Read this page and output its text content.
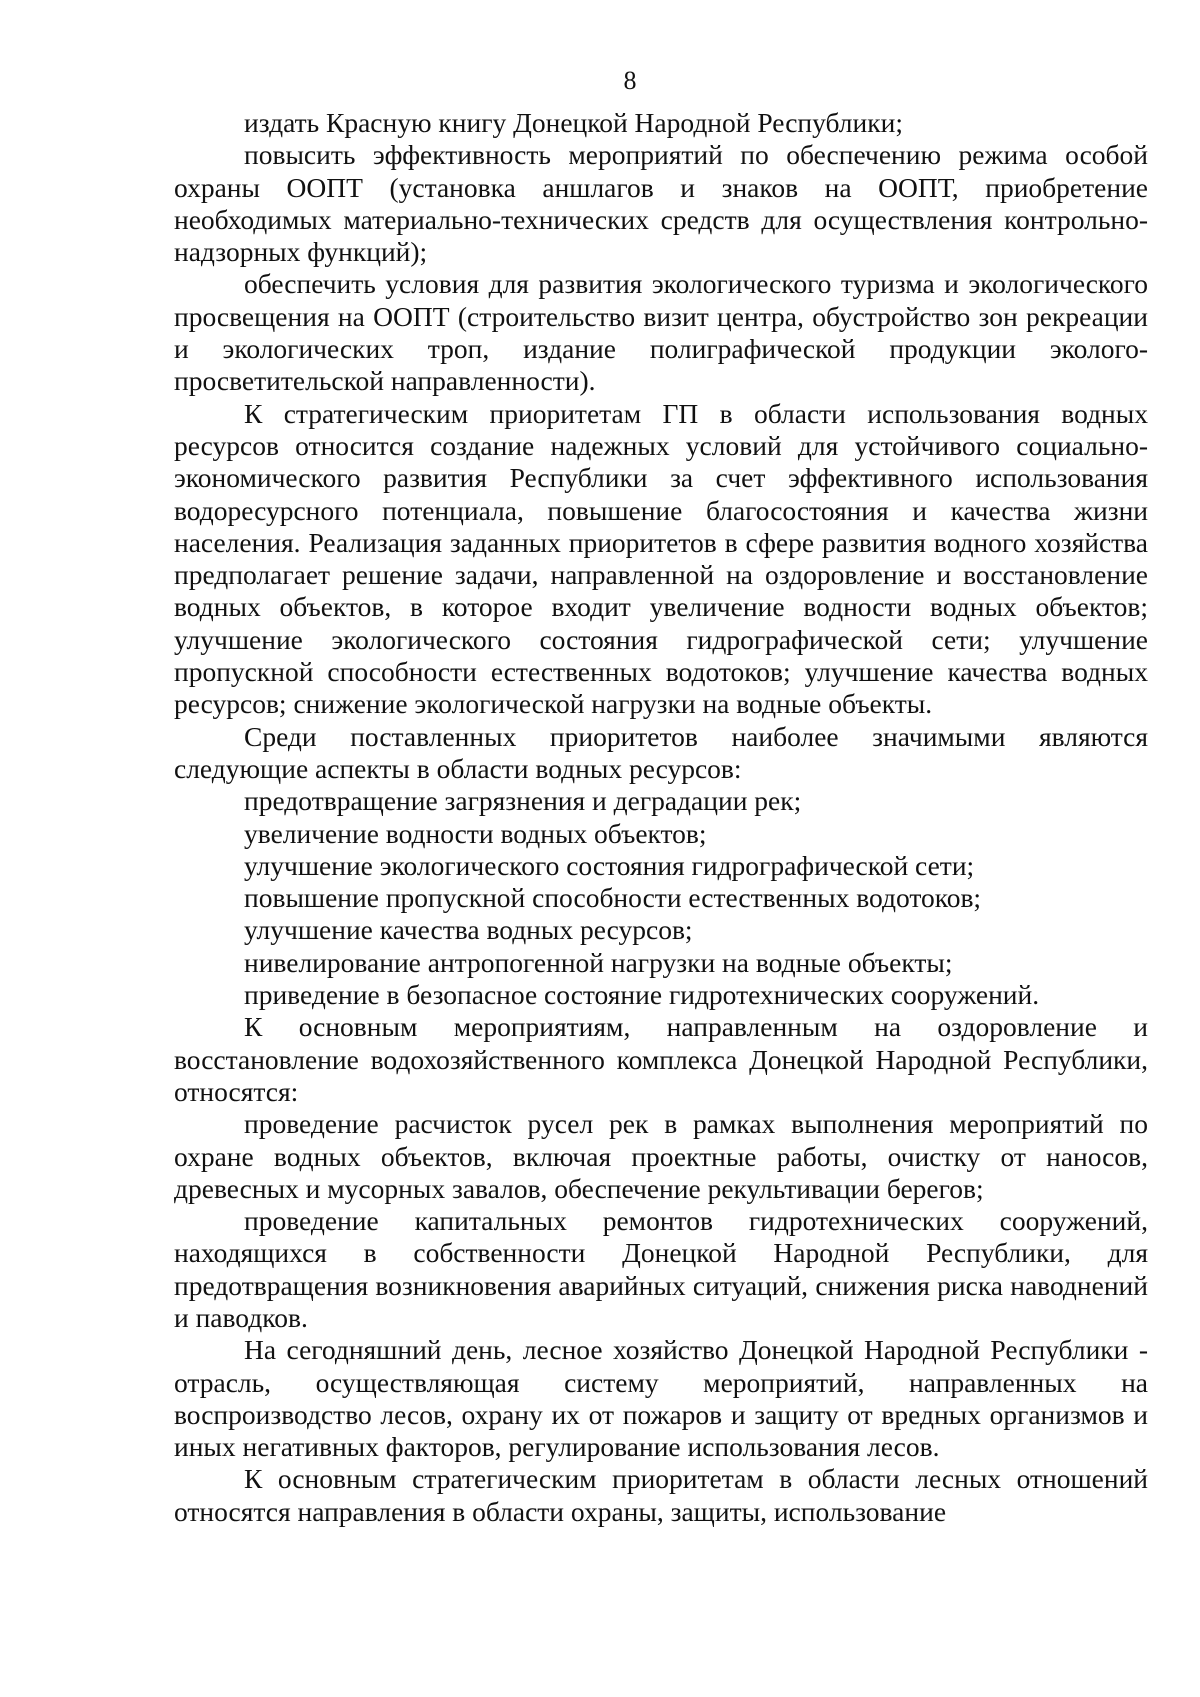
8

издать Красную книгу Донецкой Народной Республики;

повысить эффективность мероприятий по обеспечению режима особой охраны ООПТ (установка аншлагов и знаков на ООПТ, приобретение необходимых материально-технических средств для осуществления контрольно-надзорных функций);

обеспечить условия для развития экологического туризма и экологического просвещения на ООПТ (строительство визит центра, обустройство зон рекреации и экологических троп, издание полиграфической продукции эколого-просветительской направленности).

К стратегическим приоритетам ГП в области использования водных ресурсов относится создание надежных условий для устойчивого социально-экономического развития Республики за счет эффективного использования водоресурсного потенциала, повышение благосостояния и качества жизни населения. Реализация заданных приоритетов в сфере развития водного хозяйства предполагает решение задачи, направленной на оздоровление и восстановление водных объектов, в которое входит увеличение водности водных объектов; улучшение экологического состояния гидрографической сети; улучшение пропускной способности естественных водотоков; улучшение качества водных ресурсов; снижение экологической нагрузки на водные объекты.

Среди поставленных приоритетов наиболее значимыми являются следующие аспекты в области водных ресурсов:

предотвращение загрязнения и деградации рек;

увеличение водности водных объектов;

улучшение экологического состояния гидрографической сети;

повышение пропускной способности естественных водотоков;

улучшение качества водных ресурсов;

нивелирование антропогенной нагрузки на водные объекты;

приведение в безопасное состояние гидротехнических сооружений.

К основным мероприятиям, направленным на оздоровление и восстановление водохозяйственного комплекса Донецкой Народной Республики, относятся:

проведение расчисток русел рек в рамках выполнения мероприятий по охране водных объектов, включая проектные работы, очистку от наносов, древесных и мусорных завалов, обеспечение рекультивации берегов;

проведение капитальных ремонтов гидротехнических сооружений, находящихся в собственности Донецкой Народной Республики, для предотвращения возникновения аварийных ситуаций, снижения риска наводнений и паводков.

На сегодняшний день, лесное хозяйство Донецкой Народной Республики - отрасль, осуществляющая систему мероприятий, направленных на воспроизводство лесов, охрану их от пожаров и защиту от вредных организмов и иных негативных факторов, регулирование использования лесов.

К основным стратегическим приоритетам в области лесных отношений относятся направления в области охраны, защиты, использование
